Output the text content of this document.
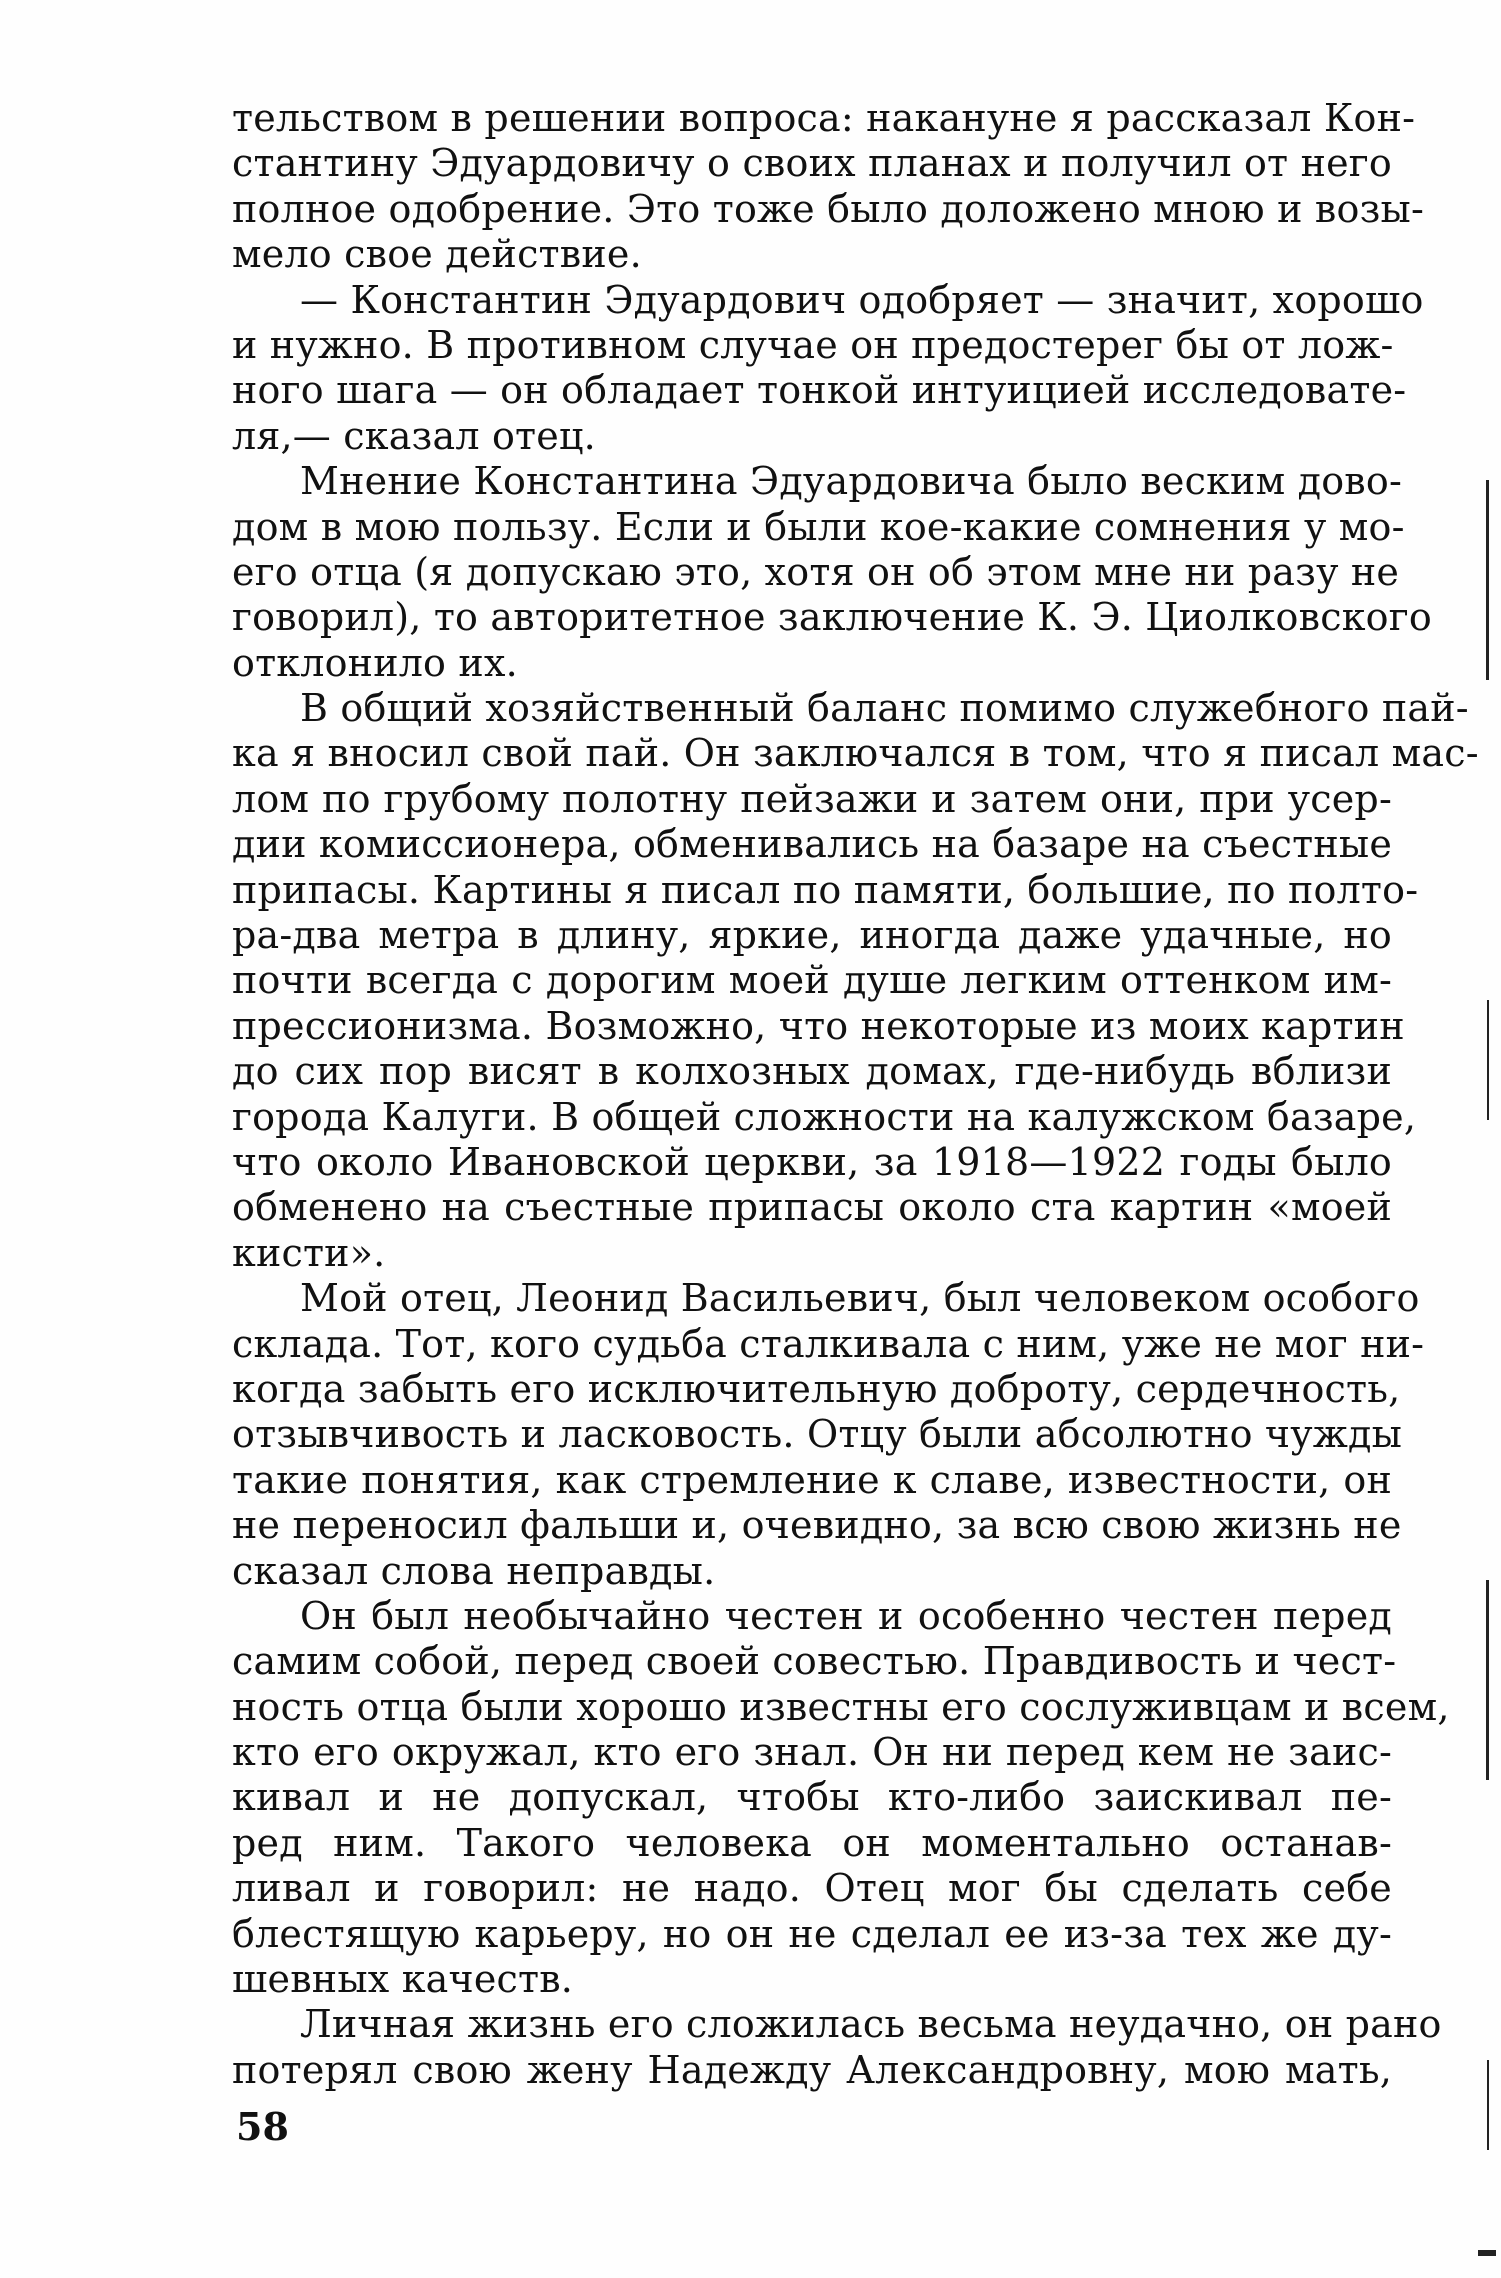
тельством в решении вопроса: накануне я рассказал Кон-
стантину Эдуардовичу о своих планах и получил от него
полное одобрение. Это тоже было доложено мною и возы-
мело свое действие.
— Константин Эдуардович одобряет — значит, хорошо
и нужно. В противном случае он предостерег бы от лож-
ного шага — он обладает тонкой интуицией исследовате-
ля,— сказал отец.
Мнение Константина Эдуардовича было веским дово-
дом в мою пользу. Если и были кое-какие сомнения у мо-
его отца (я допускаю это, хотя он об этом мне ни разу не
говорил), то авторитетное заключение К. Э. Циолковского
отклонило их.
В общий хозяйственный баланс помимо служебного пай-
ка я вносил свой пай. Он заключался в том, что я писал мас-
лом по грубому полотну пейзажи и затем они, при усер-
дии комиссионера, обменивались на базаре на съестные
припасы. Картины я писал по памяти, большие, по полто-
ра-два метра в длину, яркие, иногда даже удачные, но
почти всегда с дорогим моей душе легким оттенком им-
прессионизма. Возможно, что некоторые из моих картин
до сих пор висят в колхозных домах, где-нибудь вблизи
города Калуги. В общей сложности на калужском базаре,
что около Ивановской церкви, за 1918—1922 годы было
обменено на съестные припасы около ста картин «моей
кисти».
Мой отец, Леонид Васильевич, был человеком особого
склада. Тот, кого судьба сталкивала с ним, уже не мог ни-
когда забыть его исключительную доброту, сердечность,
отзывчивость и ласковость. Отцу были абсолютно чужды
такие понятия, как стремление к славе, известности, он
не переносил фальши и, очевидно, за всю свою жизнь не
сказал слова неправды.
Он был необычайно честен и особенно честен перед
самим собой, перед своей совестью. Правдивость и чест-
ность отца были хорошо известны его сослуживцам и всем,
кто его окружал, кто его знал. Он ни перед кем не заис-
кивал и не допускал, чтобы кто-либо заискивал пе-
ред ним. Такого человека он моментально останав-
ливал и говорил: не надо. Отец мог бы сделать себе
блестящую карьеру, но он не сделал ее из-за тех же ду-
шевных качеств.
Личная жизнь его сложилась весьма неудачно, он рано
потерял свою жену Надежду Александровну, мою мать,
58
